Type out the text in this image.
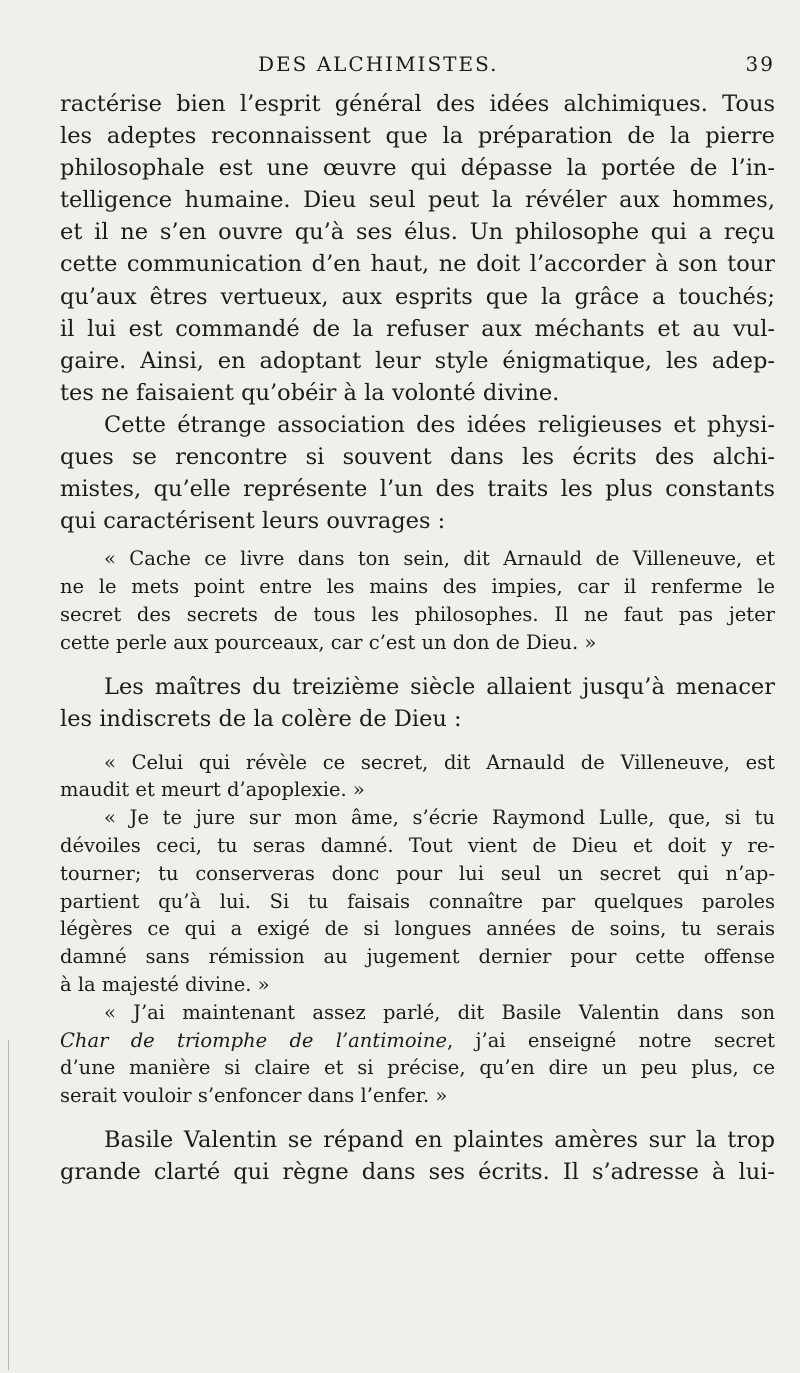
DES ALCHIMISTES.	39
ractérise bien l’esprit général des idées alchimiques. Tous
les adeptes reconnaissent que la préparation de la pierre
philosophale est une œuvre qui dépasse la portée de l’in-
telligence humaine. Dieu seul peut la révéler aux hommes,
et il ne s’en ouvre qu’à ses élus. Un philosophe qui a reçu
cette communication d’en haut, ne doit l’accorder à son tour
qu’aux êtres vertueux, aux esprits que la grâce a touchés;
il lui est commandé de la refuser aux méchants et au vul-
gaire. Ainsi, en adoptant leur style énigmatique, les adep-
tes ne faisaient qu’obéir à la volonté divine.
Cette étrange association des idées religieuses et physi-
ques se rencontre si souvent dans les écrits des alchi-
mistes, qu’elle représente l’un des traits les plus constants
qui caractérisent leurs ouvrages :
« Cache ce livre dans ton sein, dit Arnauld de Villeneuve, et
ne le mets point entre les mains des impies, car il renferme le
secret des secrets de tous les philosophes. Il ne faut pas jeter
cette perle aux pourceaux, car c’est un don de Dieu. »
Les maîtres du treizième siècle allaient jusqu’à menacer
les indiscrets de la colère de Dieu :
« Celui qui révèle ce secret, dit Arnauld de Villeneuve, est
maudit et meurt d’apoplexie. »
« Je te jure sur mon âme, s’écrie Raymond Lulle, que, si tu
dévoiles ceci, tu seras damné. Tout vient de Dieu et doit y re-
tourner; tu conserveras donc pour lui seul un secret qui n’ap-
partient qu’à lui. Si tu faisais connaître par quelques paroles
légères ce qui a exigé de si longues années de soins, tu serais
damné sans rémission au jugement dernier pour cette offense
à la majesté divine. »
« J’ai maintenant assez parlé, dit Basile Valentin dans son
Char de triomphe de l’antimoine, j’ai enseigné notre secret
d’une manière si claire et si précise, qu’en dire un peu plus, ce
serait vouloir s’enfoncer dans l’enfer. »
Basile Valentin se répand en plaintes amères sur la trop
grande clarté qui règne dans ses écrits. Il s’adresse à lui-
